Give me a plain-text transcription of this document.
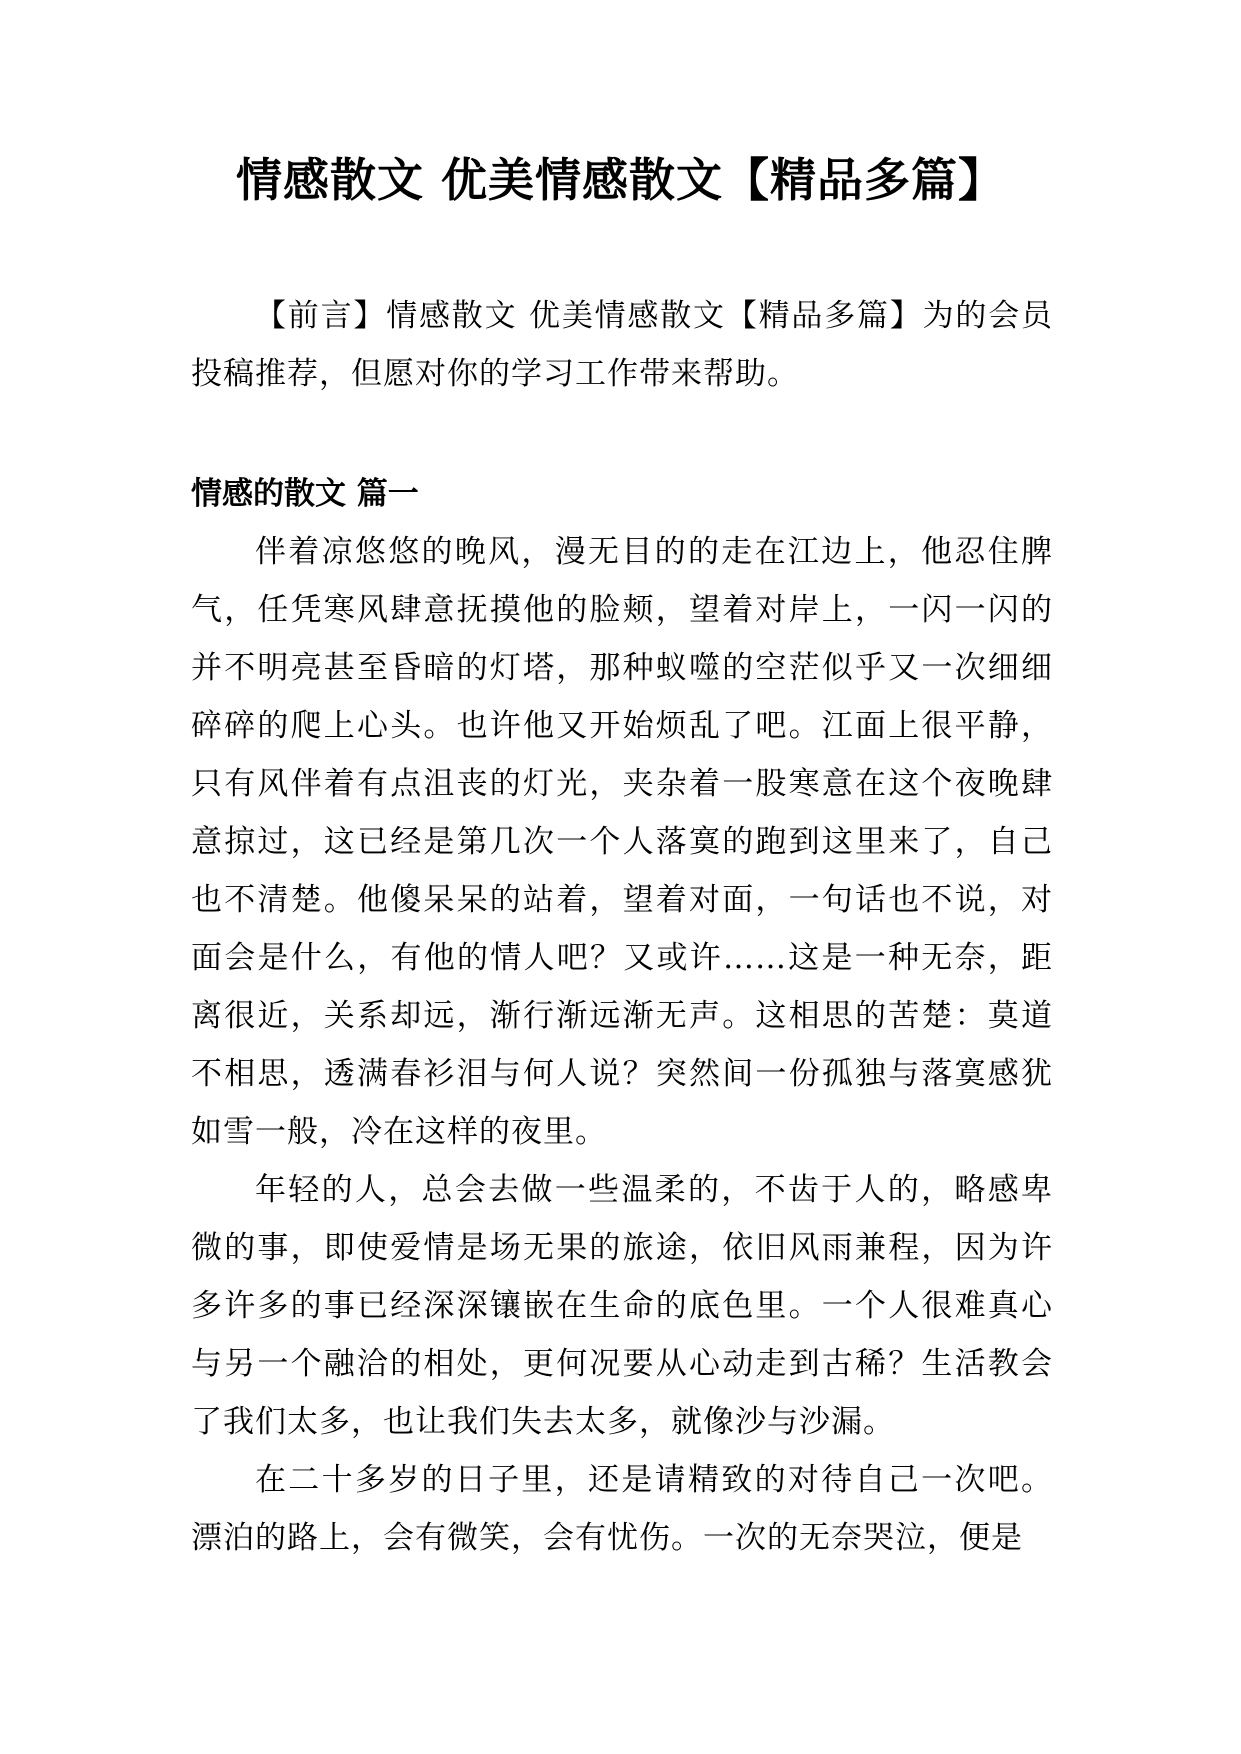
情感散文 优美情感散文【精品多篇】

【前言】情感散文 优美情感散文【精品多篇】为的会员投稿推荐，但愿对你的学习工作带来帮助。

情感的散文 篇一

伴着凉悠悠的晚风，漫无目的的走在江边上，他忍住脾气，任凭寒风肆意抚摸他的脸颊，望着对岸上，一闪一闪的并不明亮甚至昏暗的灯塔，那种蚁噬的空茫似乎又一次细细碎碎的爬上心头。也许他又开始烦乱了吧。江面上很平静，只有风伴着有点沮丧的灯光，夹杂着一股寒意在这个夜晚肆意掠过，这已经是第几次一个人落寞的跑到这里来了，自己也不清楚。他傻呆呆的站着，望着对面，一句话也不说，对面会是什么，有他的情人吧？又或许……这是一种无奈，距离很近，关系却远，渐行渐远渐无声。这相思的苦楚：莫道不相思，透满春衫泪与何人说？突然间一份孤独与落寞感犹如雪一般，冷在这样的夜里。

年轻的人，总会去做一些温柔的，不齿于人的，略感卑微的事，即使爱情是场无果的旅途，依旧风雨兼程，因为许多许多的事已经深深镶嵌在生命的底色里。一个人很难真心与另一个融洽的相处，更何况要从心动走到古稀？生活教会了我们太多，也让我们失去太多，就像沙与沙漏。

在二十多岁的日子里，还是请精致的对待自己一次吧。漂泊的路上，会有微笑，会有忧伤。一次的无奈哭泣，便是
